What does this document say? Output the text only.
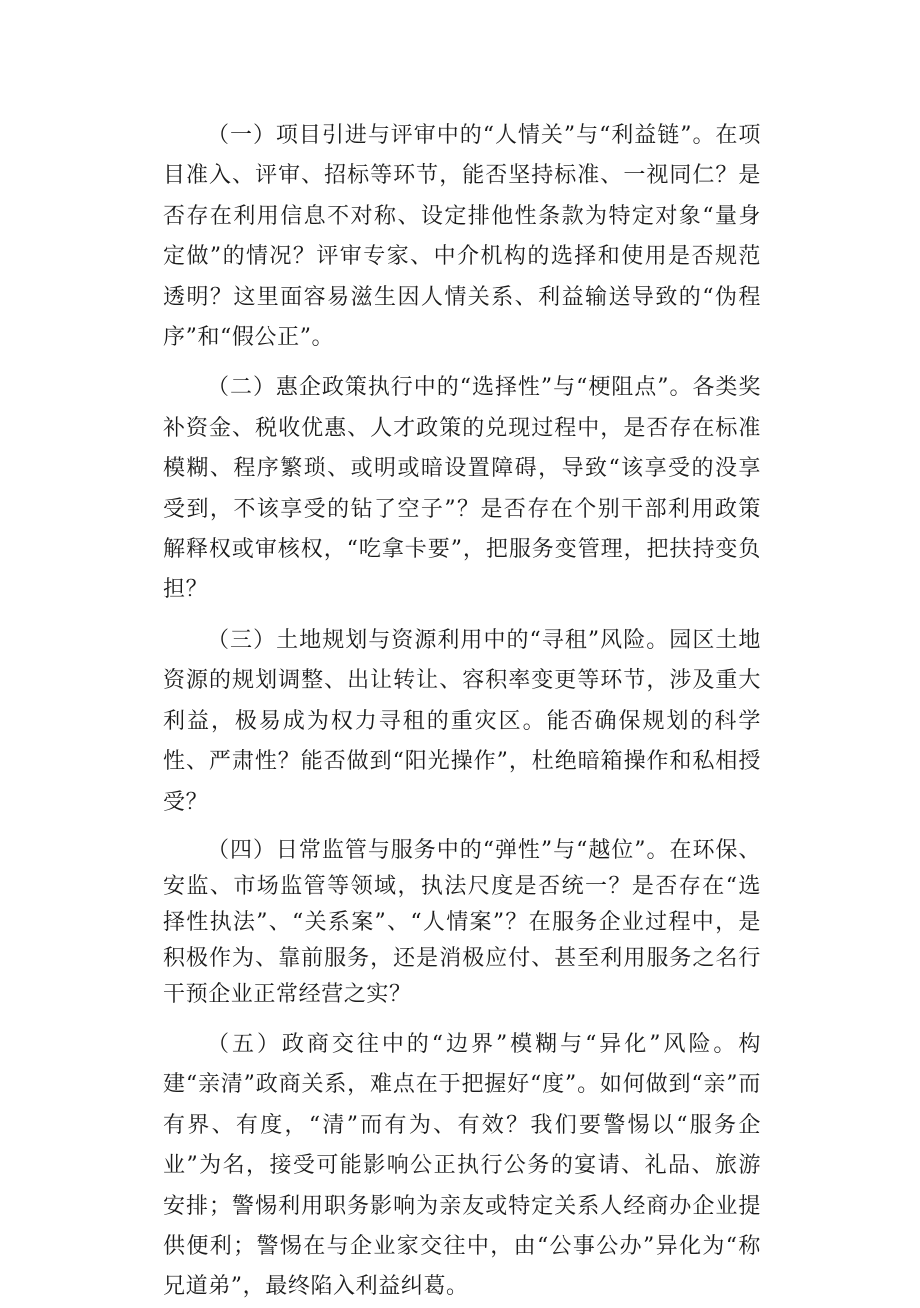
（一）项目引进与评审中的“人情关”与“利益链”。在项目准入、评审、招标等环节，能否坚持标准、一视同仁？是否存在利用信息不对称、设定排他性条款为特定对象“量身定做”的情况？评审专家、中介机构的选择和使用是否规范透明？这里面容易滋生因人情关系、利益输送导致的“伪程序”和“假公正”。

（二）惠企政策执行中的“选择性”与“梗阻点”。各类奖补资金、税收优惠、人才政策的兑现过程中，是否存在标准模糊、程序繁琐、或明或暗设置障碍，导致“该享受的没享受到，不该享受的钻了空子”？是否存在个别干部利用政策解释权或审核权，“吃拿卡要”，把服务变管理，把扶持变负担？

（三）土地规划与资源利用中的“寻租”风险。园区土地资源的规划调整、出让转让、容积率变更等环节，涉及重大利益，极易成为权力寻租的重灾区。能否确保规划的科学性、严肃性？能否做到“阳光操作”，杜绝暗箱操作和私相授受？

（四）日常监管与服务中的“弹性”与“越位”。在环保、安监、市场监管等领域，执法尺度是否统一？是否存在“选择性执法”、“关系案”、“人情案”？在服务企业过程中，是积极作为、靠前服务，还是消极应付、甚至利用服务之名行干预企业正常经营之实？

（五）政商交往中的“边界”模糊与“异化”风险。构建“亲清”政商关系，难点在于把握好“度”。如何做到“亲”而有界、有度，“清”而有为、有效？我们要警惕以“服务企业”为名，接受可能影响公正执行公务的宴请、礼品、旅游安排；警惕利用职务影响为亲友或特定关系人经商办企业提供便利；警惕在与企业家交往中，由“公事公办”异化为“称兄道弟”，最终陷入利益纠葛。
